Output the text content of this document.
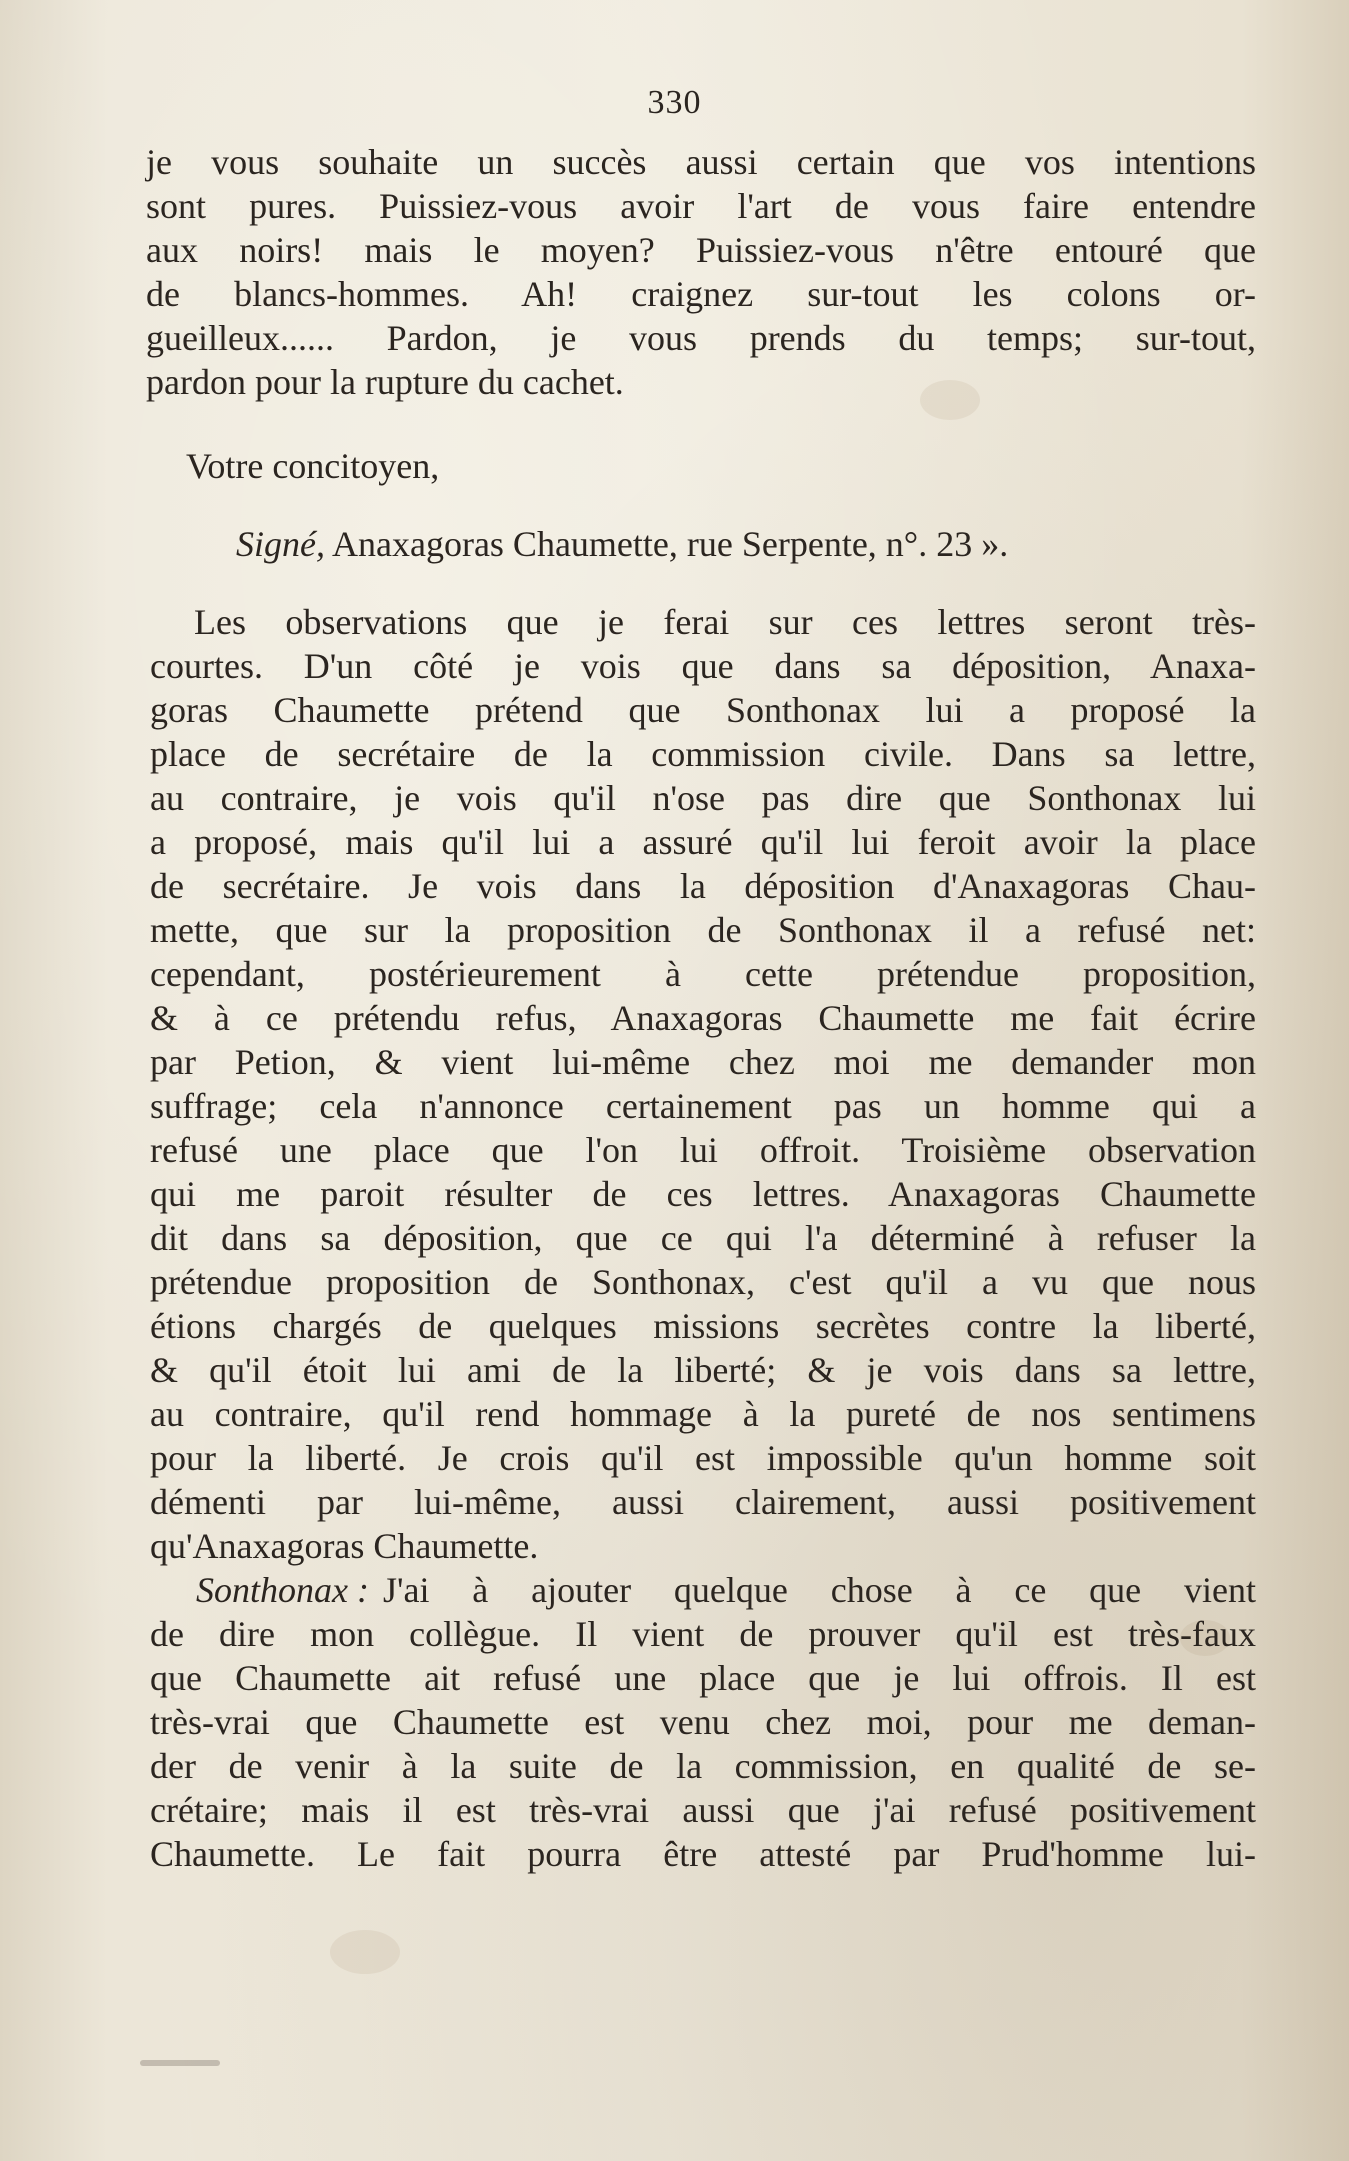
330
je vous souhaite un succès aussi certain que vos intentions
sont pures. Puissiez-vous avoir l'art de vous faire entendre
aux noirs! mais le moyen? Puissiez-vous n'être entouré que
de blancs-hommes. Ah! craignez sur-tout les colons or-
gueilleux...... Pardon, je vous prends du temps; sur-tout,
pardon pour la rupture du cachet.
Votre concitoyen,
Signé, Anaxagoras Chaumette, rue Serpente, n°. 23 ».
Les observations que je ferai sur ces lettres seront très-
courtes. D'un côté je vois que dans sa déposition, Anaxa-
goras Chaumette prétend que Sonthonax lui a proposé la
place de secrétaire de la commission civile. Dans sa lettre,
au contraire, je vois qu'il n'ose pas dire que Sonthonax lui
a proposé, mais qu'il lui a assuré qu'il lui feroit avoir la place
de secrétaire. Je vois dans la déposition d'Anaxagoras Chau-
mette, que sur la proposition de Sonthonax il a refusé net:
cependant, postérieurement à cette prétendue proposition,
& à ce prétendu refus, Anaxagoras Chaumette me fait écrire
par Petion, & vient lui-même chez moi me demander mon
suffrage; cela n'annonce certainement pas un homme qui a
refusé une place que l'on lui offroit. Troisième observation
qui me paroit résulter de ces lettres. Anaxagoras Chaumette
dit dans sa déposition, que ce qui l'a déterminé à refuser la
prétendue proposition de Sonthonax, c'est qu'il a vu que nous
étions chargés de quelques missions secrètes contre la liberté,
& qu'il étoit lui ami de la liberté; & je vois dans sa lettre,
au contraire, qu'il rend hommage à la pureté de nos sentimens
pour la liberté. Je crois qu'il est impossible qu'un homme soit
démenti par lui-même, aussi clairement, aussi positivement
qu'Anaxagoras Chaumette.
Sonthonax : J'ai à ajouter quelque chose à ce que vient
de dire mon collègue. Il vient de prouver qu'il est très-faux
que Chaumette ait refusé une place que je lui offrois. Il est
très-vrai que Chaumette est venu chez moi, pour me deman-
der de venir à la suite de la commission, en qualité de se-
crétaire; mais il est très-vrai aussi que j'ai refusé positivement
Chaumette. Le fait pourra être attesté par Prud'homme lui-
